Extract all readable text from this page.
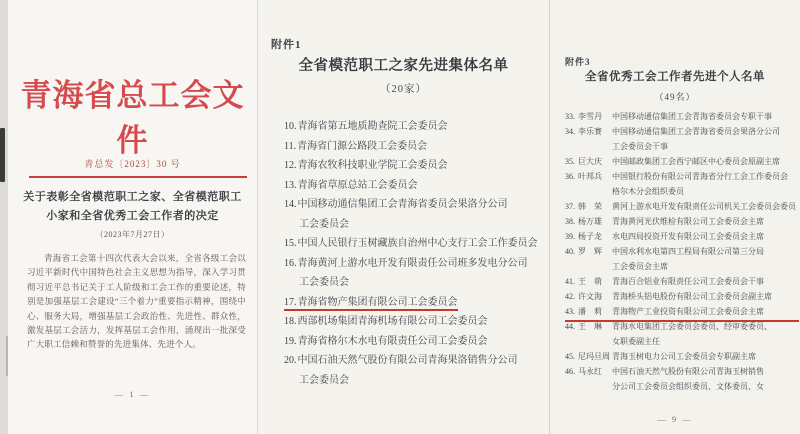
青海省总工会文件
青总发〔2023〕30 号
关于表彰全省模范职工之家、全省模范职工
小家和全省优秀工会工作者的决定
（2023年7月27日）
青海省工会第十四次代表大会以来，全省各级工会以习近平新时代中国特色社会主义思想为指导，深入学习贯彻习近平总书记关于工人阶级和工会工作的重要论述，特别是加强基层工会建设“三个着力”重要指示精神，围绕中心、服务大局，增强基层工会政治性、先进性、群众性，激发基层工会活力，发挥基层工会作用，涌现出一批深受广大职工信赖和赞誉的先进集体、先进个人。
— 1 —
附件1
全省模范职工之家先进集体名单
（20家）
10.青海省第五地质勘查院工会委员会
11.青海省门源公路段工会委员会
12.青海农牧科技职业学院工会委员会
13.青海省草原总站工会委员会
14.中国移动通信集团工会青海省委员会果洛分公司
工会委员会
15.中国人民银行玉树藏族自治州中心支行工会工作委员会
16.青海黄河上游水电开发有限责任公司班多发电分公司
工会委员会
17.青海省物产集团有限公司工会委员会
18.西部机场集团青海机场有限公司工会委员会
19.青海省格尔木水电有限责任公司工会委员会
20.中国石油天然气股份有限公司青海果洛销售分公司
工会委员会
附件3
全省优秀工会工作者先进个人名单
（49名）
33. 李雪丹	中国移动通信集团工会青海省委员会专职干事
34. 李乐赛	中国移动通信集团工会青海省委员会果洛分公司
工会委员会干事
35. 巨大庆	中国邮政集团工会西宁邮区中心委员会原副主席
36. 叶邦兵	中国银行股份有限公司青海省分行工会工作委员会
格尔木分会组织委员
37. 韩　荣	黄河上游水电开发有限责任公司机关工会委员会委员
38. 杨万雄	青海黄河光伏维检有限公司工会委员会主席
39. 杨子龙	水电四局投资开发有限公司工会委员会主席
40. 罗　辉	中国水利水电第四工程局有限公司第三分局
工会委员会主席
41. 王　萌	青海百合铝业有限责任公司工会委员会干事
42. 许文海	青海桥头铝电股份有限公司工会委员会副主席
43. 潘　莉	青海物产工业投资有限公司工会委员会主席
44. 王　琳	青海水电集团工会委员会委员、经审委委员、
女职委副主任
45. 尼玛旦周 青海玉树电力公司工会委员会专职副主席
46. 马永红	中国石油天然气股份有限公司青海玉树销售
分公司工会委员会组织委员、文体委员、女
— 9 —
